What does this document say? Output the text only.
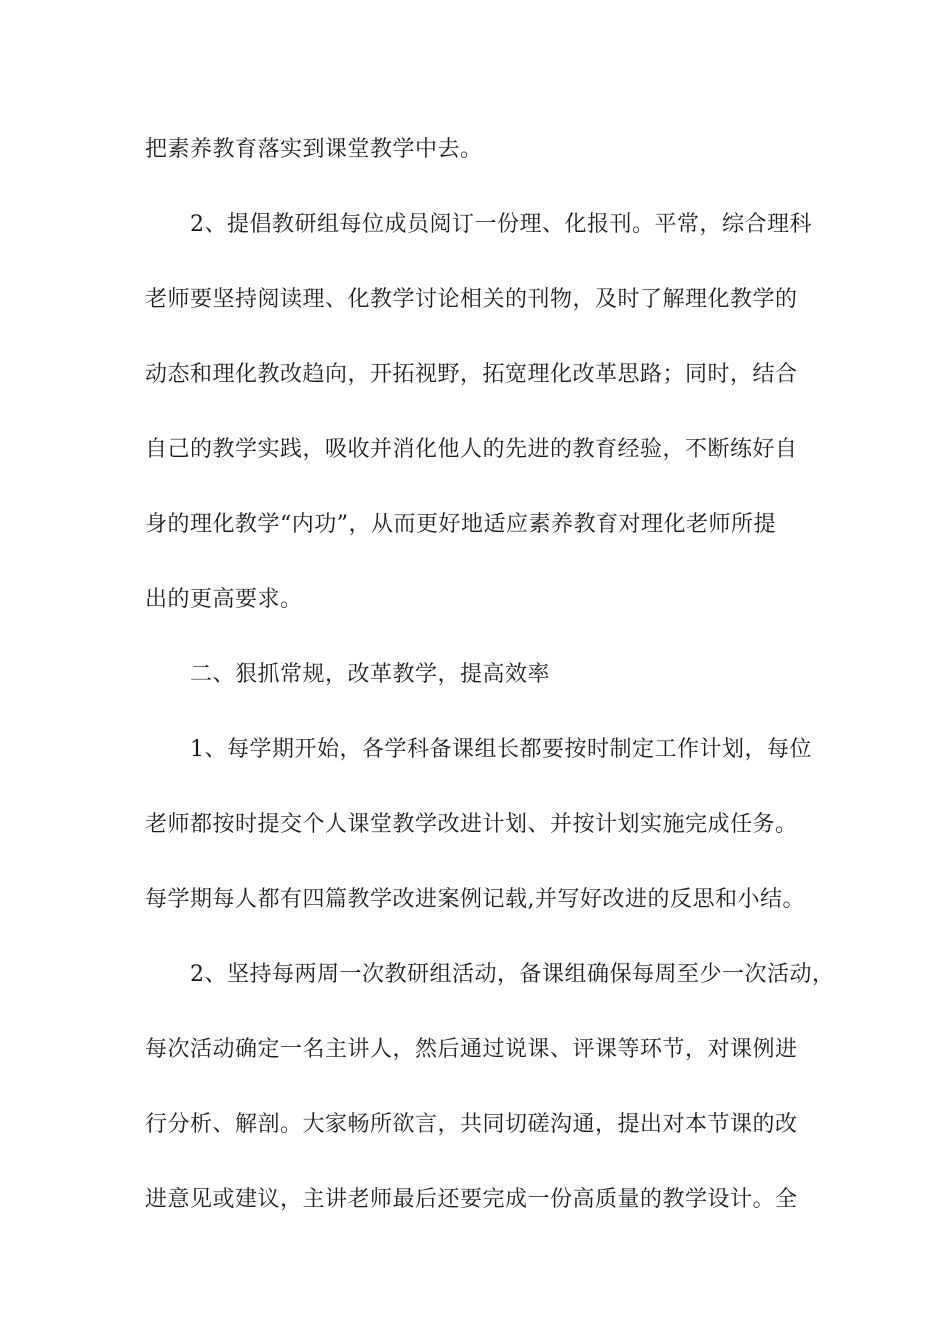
把素养教育落实到课堂教学中去。
2、提倡教研组每位成员阅订一份理、化报刊。平常，综合理科
老师要坚持阅读理、化教学讨论相关的刊物，及时了解理化教学的
动态和理化教改趋向，开拓视野，拓宽理化改革思路；同时，结合
自己的教学实践，吸收并消化他人的先进的教育经验，不断练好自
身的理化教学“内功”，从而更好地适应素养教育对理化老师所提
出的更高要求。
二、狠抓常规，改革教学，提高效率
1、每学期开始，各学科备课组长都要按时制定工作计划，每位
老师都按时提交个人课堂教学改进计划、并按计划实施完成任务。
每学期每人都有四篇教学改进案例记载,并写好改进的反思和小结。
2、坚持每两周一次教研组活动，备课组确保每周至少一次活动，
每次活动确定一名主讲人，然后通过说课、评课等环节，对课例进
行分析、解剖。大家畅所欲言，共同切磋沟通，提出对本节课的改
进意见或建议，主讲老师最后还要完成一份高质量的教学设计。全
